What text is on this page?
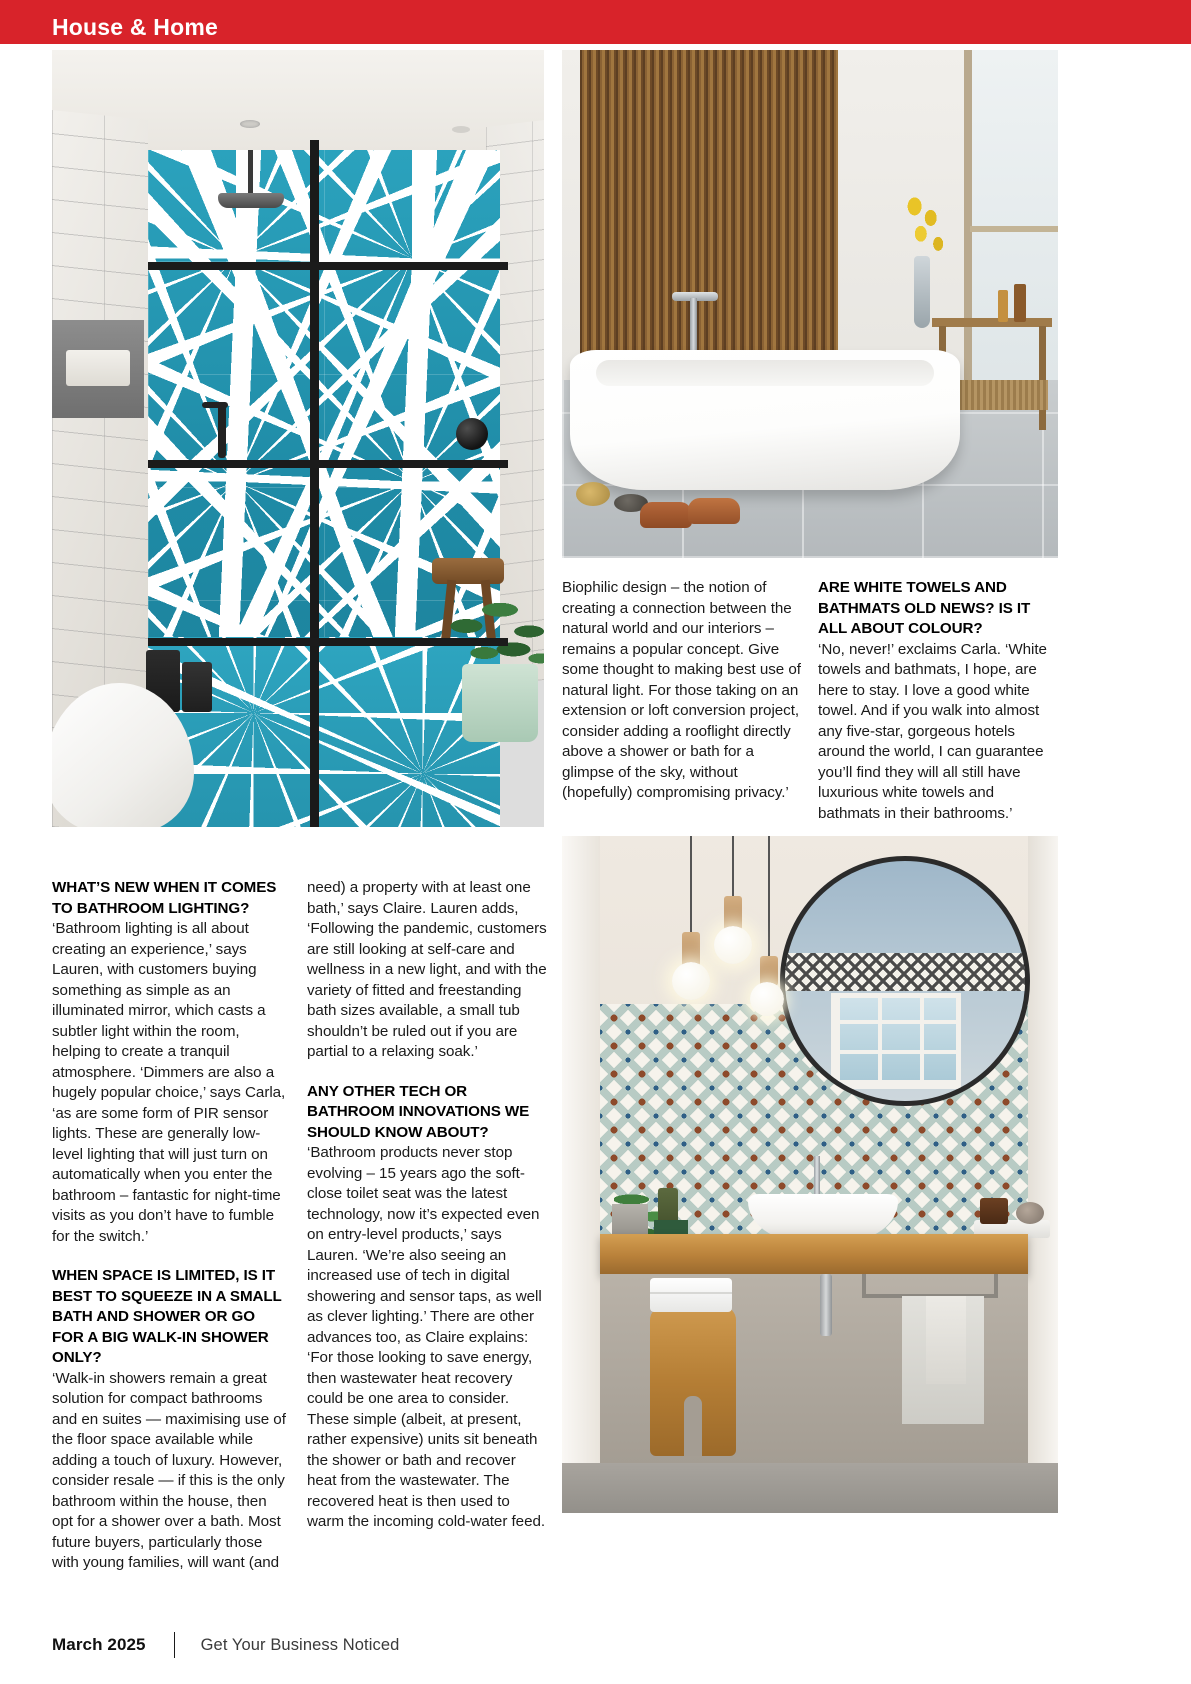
House & Home
Biophilic design – the notion of creating a connection between the natural world and our interiors – remains a popular concept. Give some thought to making best use of natural light. For those taking on an extension or loft conversion project, consider adding a rooflight directly above a shower or bath for a glimpse of the sky, without (hopefully) compromising privacy.’
ARE WHITE TOWELS AND BATHMATS OLD NEWS? IS IT ALL ABOUT COLOUR?
‘No, never!’ exclaims Carla. ‘White towels and bathmats, I hope, are here to stay. I love a good white towel. And if you walk into almost any five-star, gorgeous hotels around the world, I can guarantee you’ll find they will all still have luxurious white towels and bathmats in their bathrooms.’
WHAT’S NEW WHEN IT COMES TO BATHROOM LIGHTING?
‘Bathroom lighting is all about creating an experience,’ says Lauren, with customers buying something as simple as an illuminated mirror, which casts a subtler light within the room, helping to create a tranquil atmosphere. ‘Dimmers are also a hugely popular choice,’ says Carla, ‘as are some form of PIR sensor lights. These are generally low-level lighting that will just turn on automatically when you enter the bathroom – fantastic for night-time visits as you don’t have to fumble for the switch.’
WHEN SPACE IS LIMITED, IS IT BEST TO SQUEEZE IN A SMALL BATH AND SHOWER OR GO FOR A BIG WALK-IN SHOWER ONLY?
‘Walk-in showers remain a great solution for compact bathrooms and en suites — maximising use of the floor space available while adding a touch of luxury. However, consider resale — if this is the only bathroom within the house, then opt for a shower over a bath. Most future buyers, particularly those with young families, will want (and
need) a property with at least one bath,’ says Claire. Lauren adds, ‘Following the pandemic, customers are still looking at self-care and wellness in a new light, and with the variety of fitted and freestanding bath sizes available, a small tub shouldn’t be ruled out if you are partial to a relaxing soak.’
ANY OTHER TECH OR BATHROOM INNOVATIONS WE SHOULD KNOW ABOUT?
‘Bathroom products never stop evolving – 15 years ago the soft-close toilet seat was the latest technology, now it’s expected even on entry-level products,’ says Lauren. ‘We’re also seeing an increased use of tech in digital showering and sensor taps, as well as clever lighting.’ There are other advances too, as Claire explains: ‘For those looking to save energy, then wastewater heat recovery could be one area to consider. These simple (albeit, at present, rather expensive) units sit beneath the shower or bath and recover heat from the wastewater. The recovered heat is then used to warm the incoming cold-water feed.
March 2025	Get Your Business Noticed
